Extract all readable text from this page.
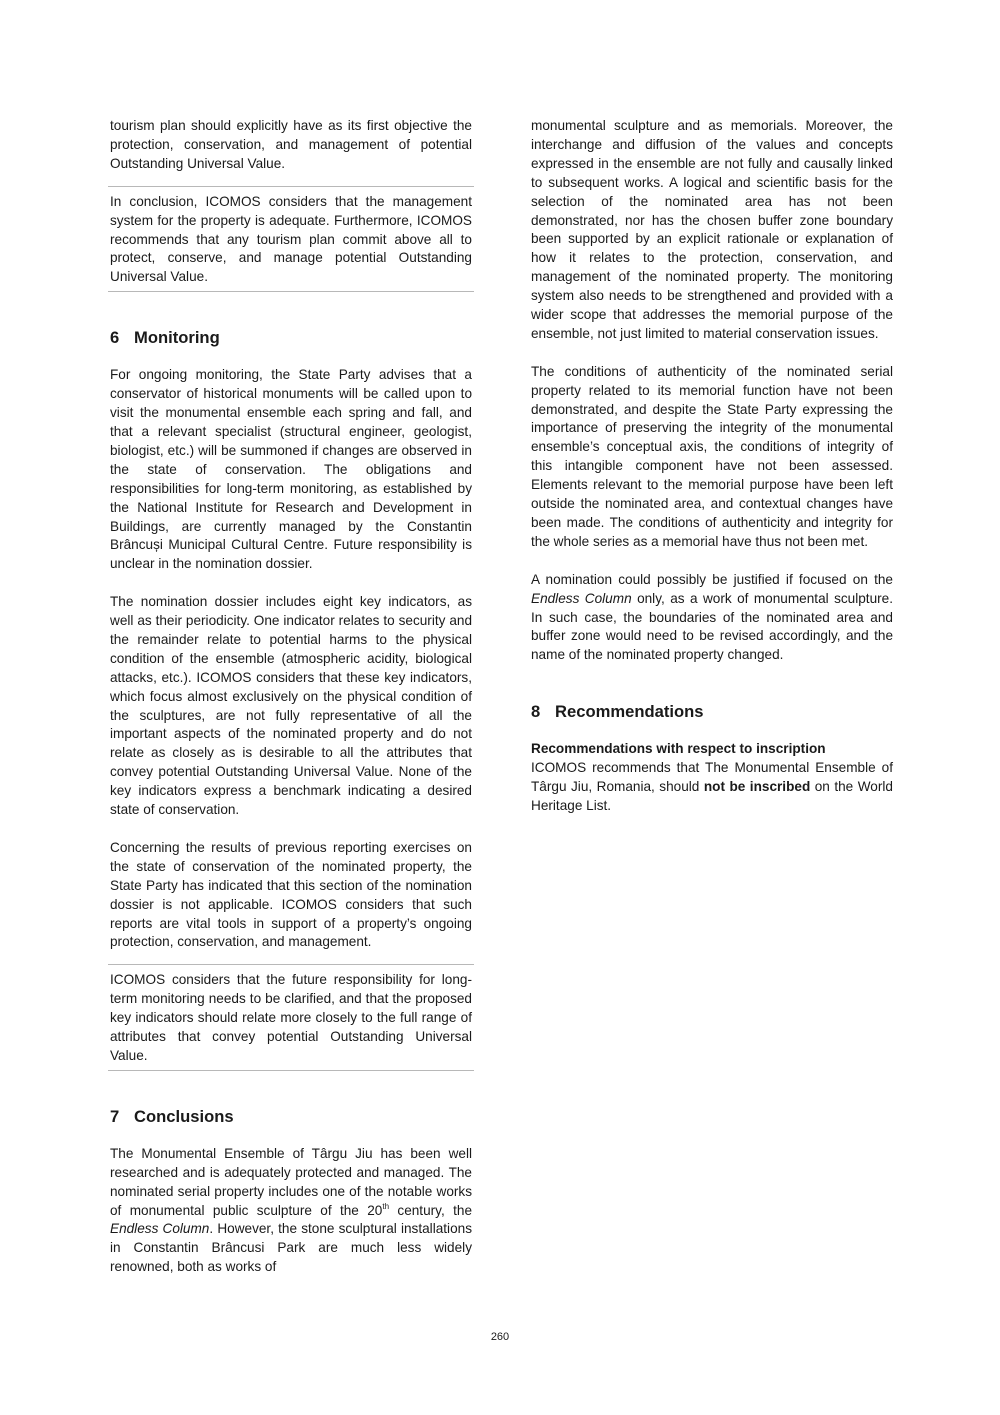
tourism plan should explicitly have as its first objective the protection, conservation, and management of potential Outstanding Universal Value.

In conclusion, ICOMOS considers that the management system for the property is adequate. Furthermore, ICOMOS recommends that any tourism plan commit above all to protect, conserve, and manage potential Outstanding Universal Value.

6 Monitoring

For ongoing monitoring, the State Party advises that a conservator of historical monuments will be called upon to visit the monumental ensemble each spring and fall, and that a relevant specialist (structural engineer, geologist, biologist, etc.) will be summoned if changes are observed in the state of conservation. The obligations and responsibilities for long-term monitoring, as established by the National Institute for Research and Development in Buildings, are currently managed by the Constantin Brâncuși Municipal Cultural Centre. Future responsibility is unclear in the nomination dossier.

The nomination dossier includes eight key indicators, as well as their periodicity. One indicator relates to security and the remainder relate to potential harms to the physical condition of the ensemble (atmospheric acidity, biological attacks, etc.). ICOMOS considers that these key indicators, which focus almost exclusively on the physical condition of the sculptures, are not fully representative of all the important aspects of the nominated property and do not relate as closely as is desirable to all the attributes that convey potential Outstanding Universal Value. None of the key indicators express a benchmark indicating a desired state of conservation.

Concerning the results of previous reporting exercises on the state of conservation of the nominated property, the State Party has indicated that this section of the nomination dossier is not applicable. ICOMOS considers that such reports are vital tools in support of a property’s ongoing protection, conservation, and management.

ICOMOS considers that the future responsibility for long-term monitoring needs to be clarified, and that the proposed key indicators should relate more closely to the full range of attributes that convey potential Outstanding Universal Value.

7 Conclusions

The Monumental Ensemble of Târgu Jiu has been well researched and is adequately protected and managed. The nominated serial property includes one of the notable works of monumental public sculpture of the 20th century, the Endless Column. However, the stone sculptural installations in Constantin Brâncusi Park are much less widely renowned, both as works of

monumental sculpture and as memorials. Moreover, the interchange and diffusion of the values and concepts expressed in the ensemble are not fully and causally linked to subsequent works. A logical and scientific basis for the selection of the nominated area has not been demonstrated, nor has the chosen buffer zone boundary been supported by an explicit rationale or explanation of how it relates to the protection, conservation, and management of the nominated property. The monitoring system also needs to be strengthened and provided with a wider scope that addresses the memorial purpose of the ensemble, not just limited to material conservation issues.

The conditions of authenticity of the nominated serial property related to its memorial function have not been demonstrated, and despite the State Party expressing the importance of preserving the integrity of the monumental ensemble’s conceptual axis, the conditions of integrity of this intangible component have not been assessed. Elements relevant to the memorial purpose have been left outside the nominated area, and contextual changes have been made. The conditions of authenticity and integrity for the whole series as a memorial have thus not been met.

A nomination could possibly be justified if focused on the Endless Column only, as a work of monumental sculpture. In such case, the boundaries of the nominated area and buffer zone would need to be revised accordingly, and the name of the nominated property changed.

8 Recommendations

Recommendations with respect to inscription

ICOMOS recommends that The Monumental Ensemble of Târgu Jiu, Romania, should not be inscribed on the World Heritage List.

260
